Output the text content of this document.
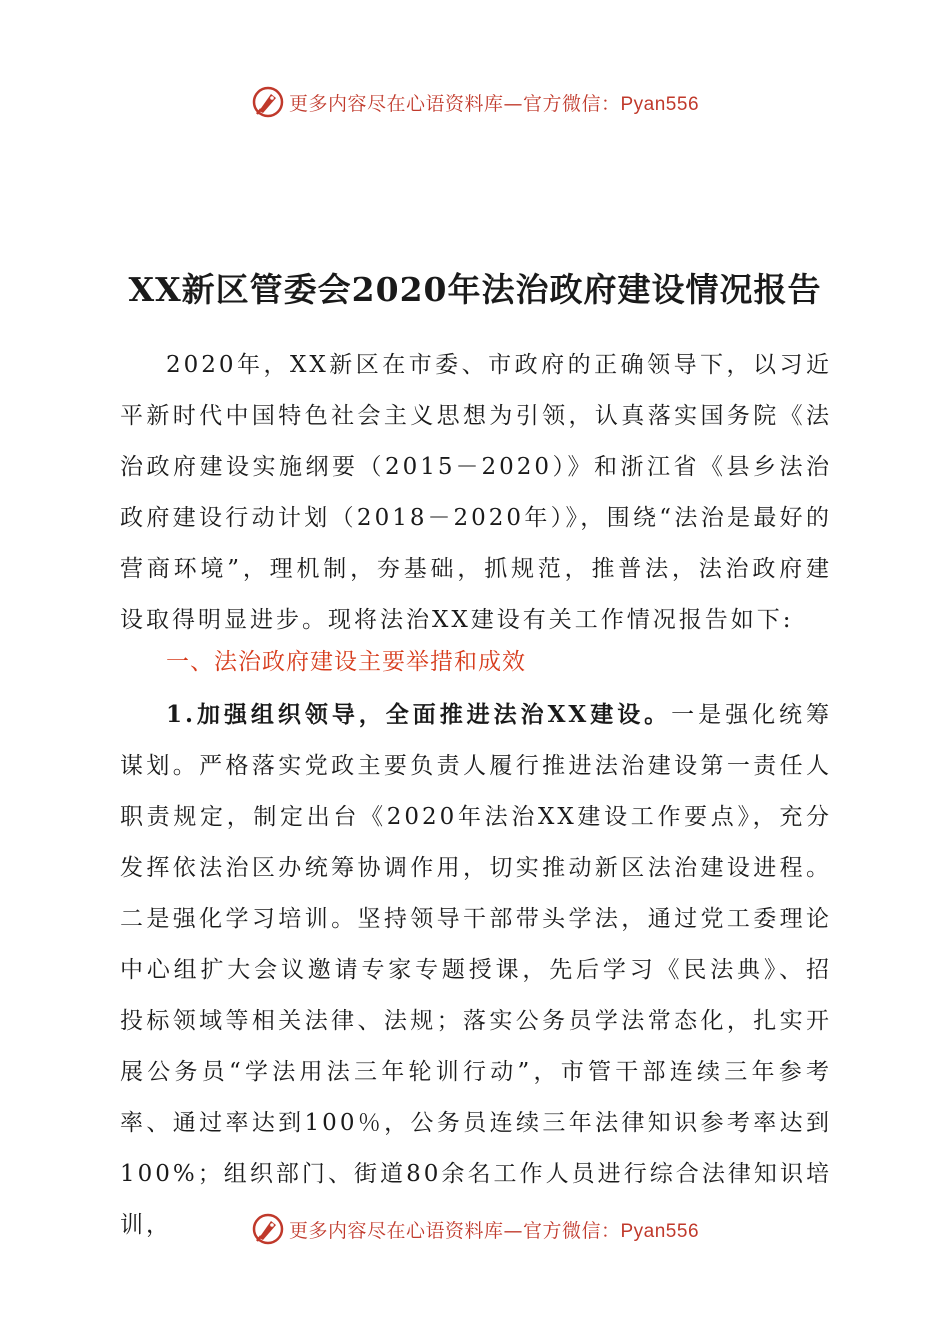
更多内容尽在心语资料库—官方微信：Pyan556
XX新区管委会2020年法治政府建设情况报告

2020年，XX新区在市委、市政府的正确领导下，以习近平新时代中国特色社会主义思想为引领，认真落实国务院《法治政府建设实施纲要（2015－2020）》和浙江省《县乡法治政府建设行动计划（2018－2020年）》，围绕“法治是最好的营商环境”，理机制，夯基础，抓规范，推普法，法治政府建设取得明显进步。现将法治XX建设有关工作情况报告如下:

一、法治政府建设主要举措和成效

1.加强组织领导，全面推进法治XX建设。一是强化统筹谋划。严格落实党政主要负责人履行推进法治建设第一责任人职责规定，制定出台《2020年法治XX建设工作要点》，充分发挥依法治区办统筹协调作用，切实推动新区法治建设进程。二是强化学习培训。坚持领导干部带头学法，通过党工委理论中心组扩大会议邀请专家专题授课，先后学习《民法典》、招投标领域等相关法律、法规；落实公务员学法常态化，扎实开展公务员“学法用法三年轮训行动”，市管干部连续三年参考率、通过率达到100％，公务员连续三年法律知识参考率达到100%；组织部门、街道80余名工作人员进行综合法律知识培训，	更多内容尽在心语资料库—官方微信：Pyan556
